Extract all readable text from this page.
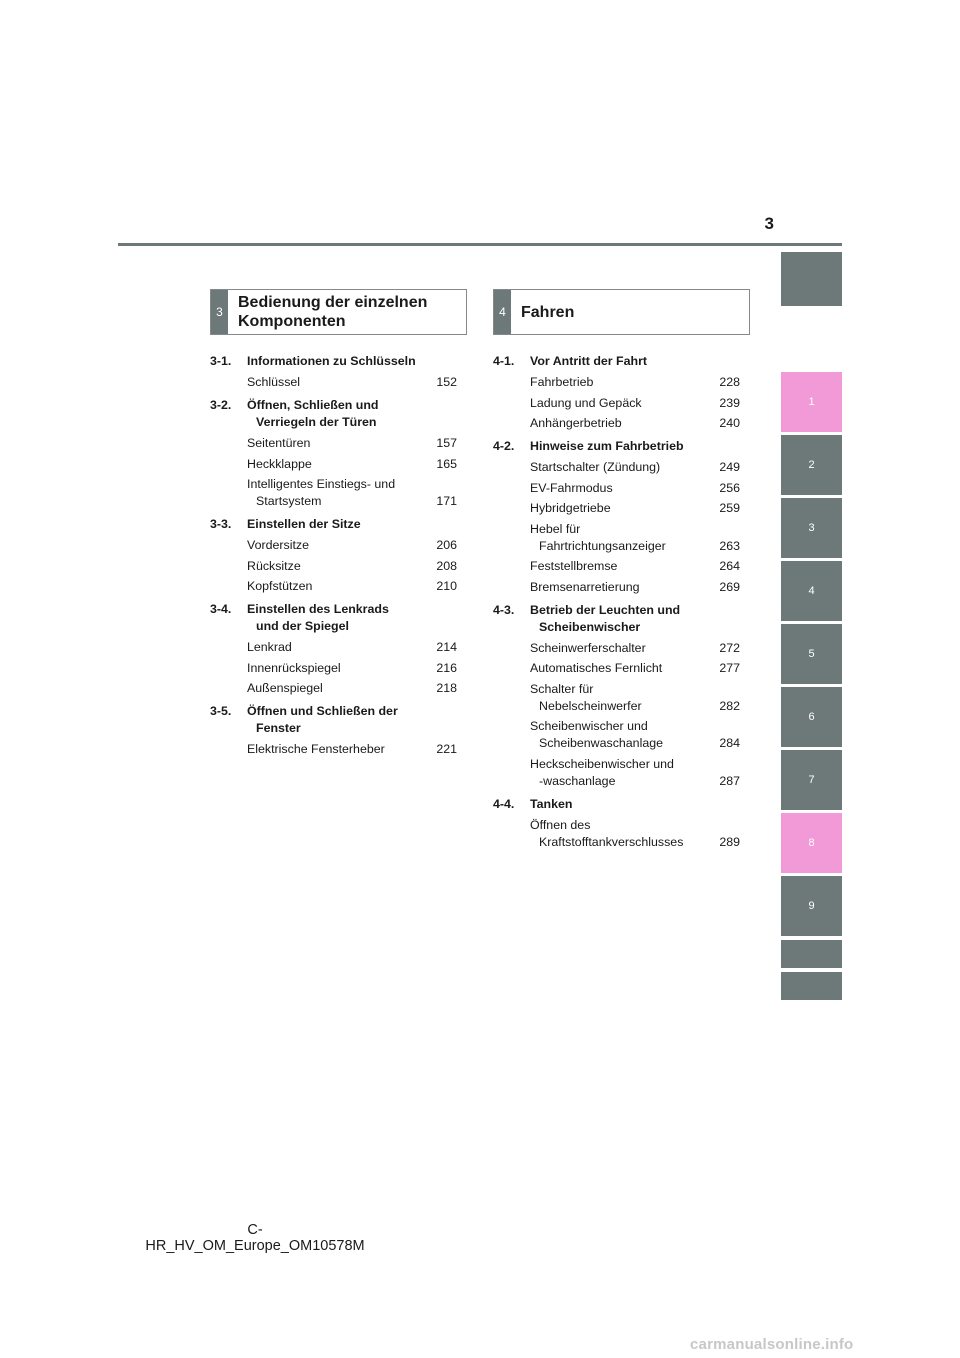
3
1
2
3
4
5
6
7
8
9
3
Bedienung der einzelnen
Komponenten
4 Fahren
3-1.	Informationen zu Schlüsseln
Schlüssel	152
3-2.	Öffnen, Schließen und
Verriegeln der Türen
Seitentüren	157
Heckklappe	165
Intelligentes Einstiegs- und
Startsystem	171
3-3.	Einstellen der Sitze
Vordersitze	206
Rücksitze	208
Kopfstützen	210
3-4.	Einstellen des Lenkrads
und der Spiegel
Lenkrad	214
Innenrückspiegel	216
Außenspiegel	218
3-5.	Öffnen und Schließen der
Fenster
Elektrische Fensterheber	221
4-1.	Vor Antritt der Fahrt
Fahrbetrieb	228
Ladung und Gepäck	239
Anhängerbetrieb	240
4-2.	Hinweise zum Fahrbetrieb
Startschalter (Zündung)	249
EV-Fahrmodus	256
Hybridgetriebe	259
Hebel für
Fahrtrichtungsanzeiger	263
Feststellbremse	264
Bremsenarretierung	269
4-3.	Betrieb der Leuchten und
Scheibenwischer
Scheinwerferschalter	272
Automatisches Fernlicht	277
Schalter für
Nebelscheinwerfer	282
Scheibenwischer und
Scheibenwaschanlage	284
Heckscheibenwischer und
-waschanlage	287
4-4.	Tanken
Öffnen des
Kraftstofftankverschlusses	289
C-HR_HV_OM_Europe_OM10578M
carmanualsonline.info
